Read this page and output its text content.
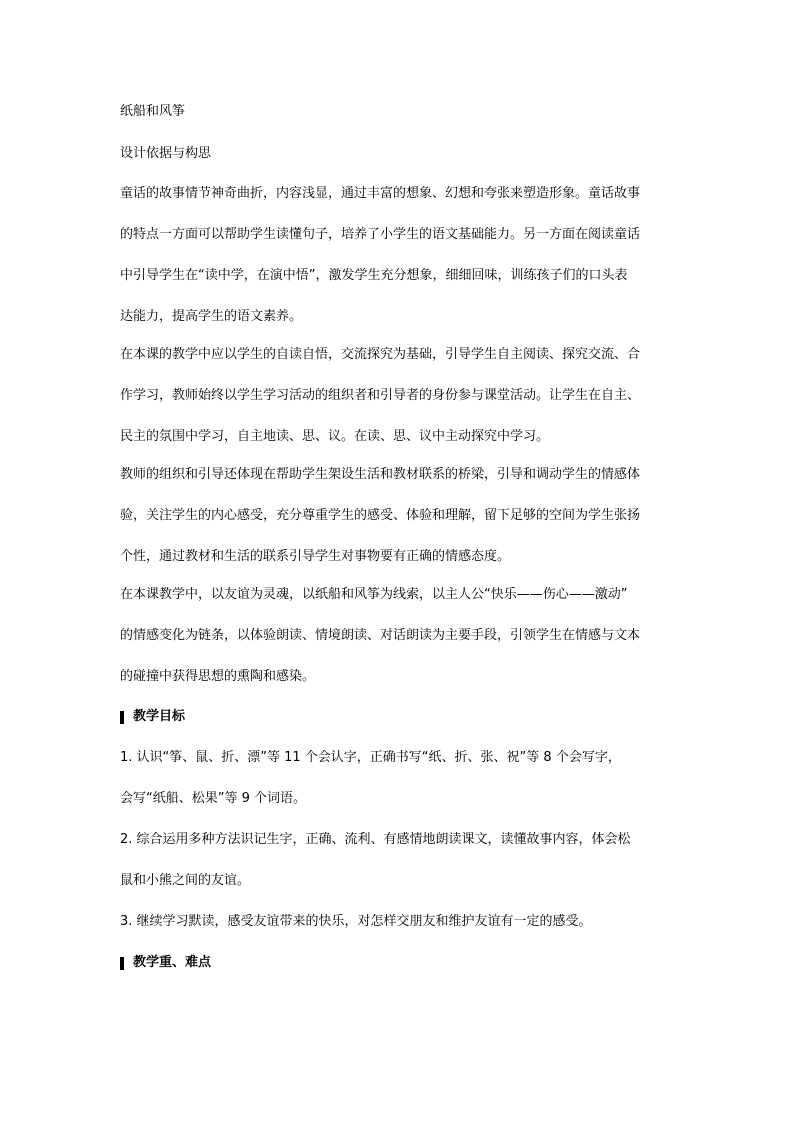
纸船和风筝

设计依据与构思

童话的故事情节神奇曲折，内容浅显，通过丰富的想象、幻想和夸张来塑造形象。童话故事

的特点一方面可以帮助学生读懂句子，培养了小学生的语文基础能力。另一方面在阅读童话

中引导学生在“读中学，在演中悟”，激发学生充分想象，细细回味，训练孩子们的口头表

达能力，提高学生的语文素养。

在本课的教学中应以学生的自读自悟，交流探究为基础，引导学生自主阅读、探究交流、合

作学习，教师始终以学生学习活动的组织者和引导者的身份参与课堂活动。让学生在自主、

民主的氛围中学习，自主地读、思、议。在读、思、议中主动探究中学习。

教师的组织和引导还体现在帮助学生架设生活和教材联系的桥梁，引导和调动学生的情感体

验，关注学生的内心感受，充分尊重学生的感受、体验和理解，留下足够的空间为学生张扬

个性，通过教材和生活的联系引导学生对事物要有正确的情感态度。

在本课教学中，以友谊为灵魂，以纸船和风筝为线索，以主人公“快乐——伤心——激动”

的情感变化为链条，以体验朗读、情境朗读、对话朗读为主要手段，引领学生在情感与文本

的碰撞中获得思想的熏陶和感染。

教学目标

1. 认识“筝、鼠、折、漂”等 11 个会认字，正确书写“纸、折、张、祝”等 8 个会写字，

会写“纸船、松果”等 9 个词语。

2. 综合运用多种方法识记生字，正确、流利、有感情地朗读课文，读懂故事内容，体会松

鼠和小熊之间的友谊。

3. 继续学习默读，感受友谊带来的快乐，对怎样交朋友和维护友谊有一定的感受。

教学重、难点
